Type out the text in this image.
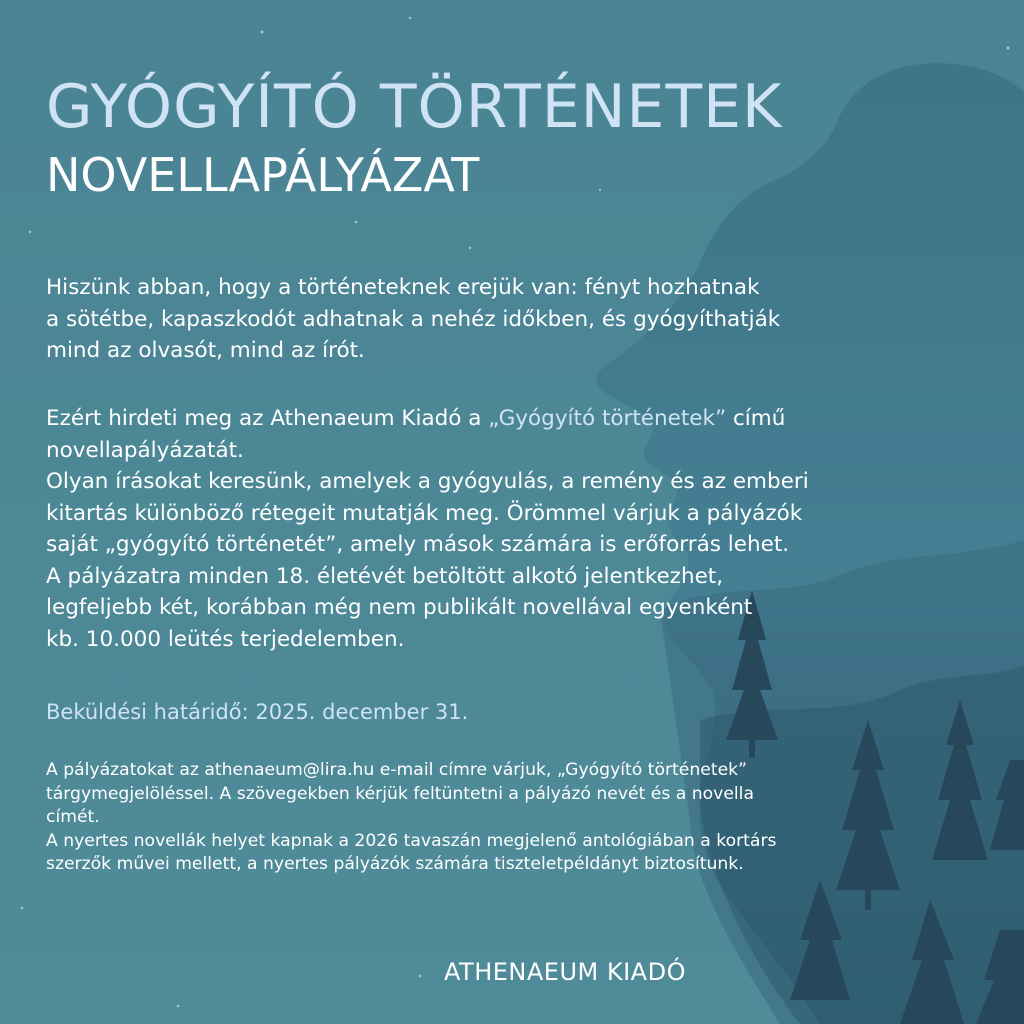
GYÓGYÍTÓ TÖRTÉNETEK
NOVELLAPÁLYÁZAT

Hiszünk abban, hogy a történeteknek erejük van: fényt hozhatnak
a sötétbe, kapaszkodót adhatnak a nehéz időkben, és gyógyíthatják
mind az olvasót, mind az írót.

Ezért hirdeti meg az Athenaeum Kiadó a „Gyógyító történetek” című
novellapályázatát.
Olyan írásokat keresünk, amelyek a gyógyulás, a remény és az emberi
kitartás különböző rétegeit mutatják meg. Örömmel várjuk a pályázók
saját „gyógyító történetét”, amely mások számára is erőforrás lehet.
A pályázatra minden 18. életévét betöltött alkotó jelentkezhet,
legfeljebb két, korábban még nem publikált novellával egyenként
kb. 10.000 leütés terjedelemben.

Beküldési határidő: 2025. december 31.

A pályázatokat az athenaeum@lira.hu e-mail címre várjuk, „Gyógyító történetek”
tárgymegjelöléssel. A szövegekben kérjük feltüntetni a pályázó nevét és a novella
címét.
A nyertes novellák helyet kapnak a 2026 tavaszán megjelenő antológiában a kortárs
szerzők művei mellett, a nyertes pályázók számára tiszteletpéldányt biztosítunk.

ATHENAEUM KIADÓ
